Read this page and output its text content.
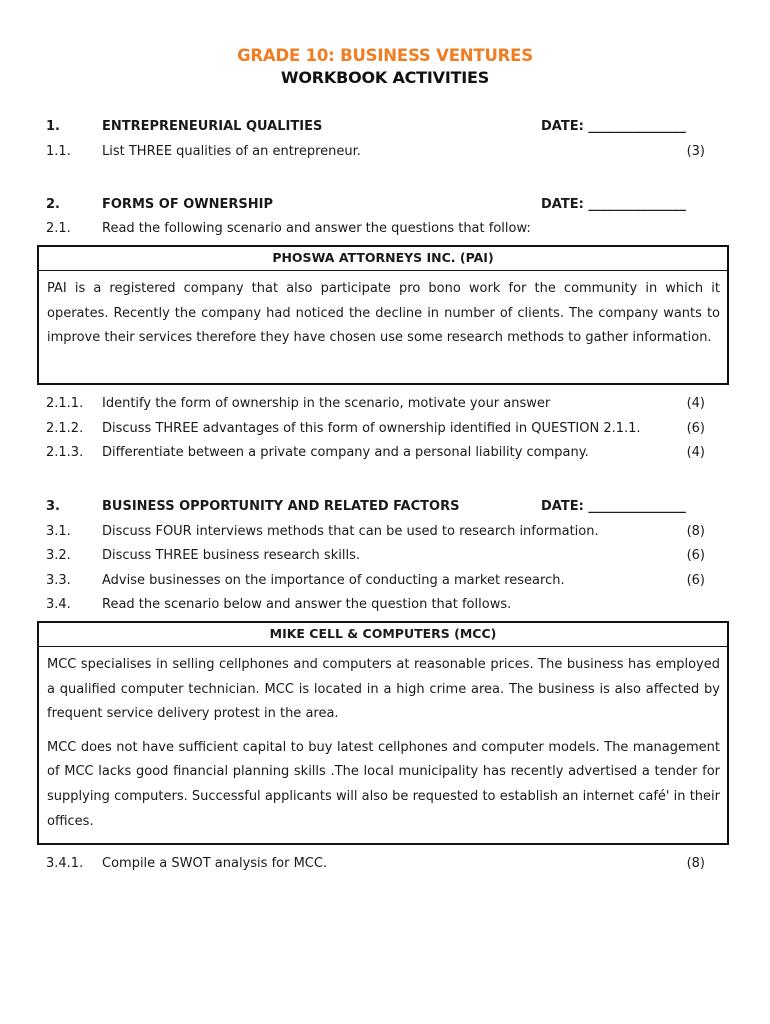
GRADE 10: BUSINESS VENTURES
WORKBOOK ACTIVITIES
1.	ENTREPRENEURIAL QUALITIES	DATE: _______________
1.1. List THREE qualities of an entrepreneur.	(3)
2.	FORMS OF OWNERSHIP	DATE: _______________
2.1. Read the following scenario and answer the questions that follow:
PHOSWA ATTORNEYS INC. (PAI)

PAI is a registered company that also participate pro bono work for the community in which it operates. Recently the company had noticed the decline in number of clients. The company wants to improve their services therefore they have chosen use some research methods to gather information.

2.1.1. Identify the form of ownership in the scenario, motivate your answer	(4)
2.1.2. Discuss THREE advantages of this form of ownership identified in QUESTION 2.1.1.	(6)
2.1.3. Differentiate between a private company and a personal liability company.	(4)
3.	BUSINESS OPPORTUNITY AND RELATED FACTORS	DATE: _______________
3.1. Discuss FOUR interviews methods that can be used to research information.	(8)
3.2. Discuss THREE business research skills.	(6)
3.3. Advise businesses on the importance of conducting a market research.	(6)
3.4. Read the scenario below and answer the question that follows.
MIKE CELL & COMPUTERS (MCC)

MCC specialises in selling cellphones and computers at reasonable prices. The business has employed a qualified computer technician. MCC is located in a high crime area. The business is also affected by frequent service delivery protest in the area.

MCC does not have sufficient capital to buy latest cellphones and computer models. The management of MCC lacks good financial planning skills .The local municipality has recently advertised a tender for supplying computers. Successful applicants will also be requested to establish an internet café' in their offices.

3.4.1. Compile a SWOT analysis for MCC.	(8)
